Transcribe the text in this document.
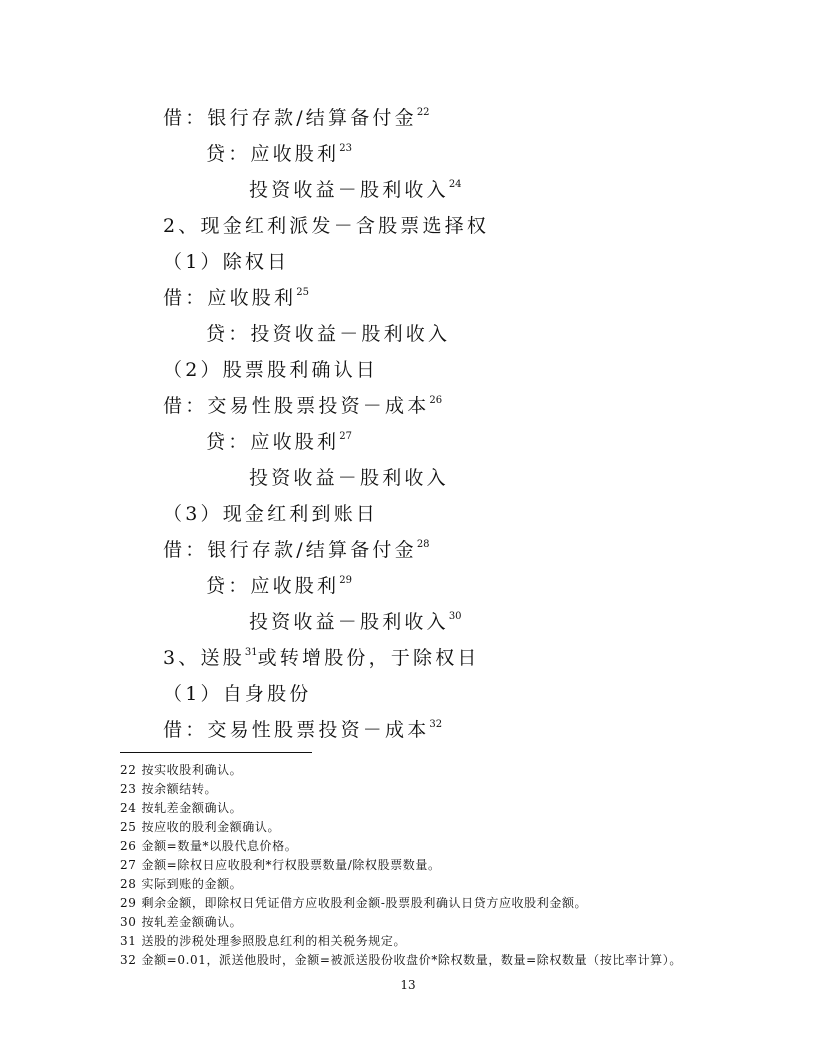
借：银行存款/结算备付金$^{22}$
贷：应收股利$^{23}$
投资收益－股利收入$^{24}$
2、现金红利派发－含股票选择权
（1）除权日
借：应收股利$^{25}$
贷：投资收益－股利收入
（2）股票股利确认日
借：交易性股票投资－成本$^{26}$
贷：应收股利$^{27}$
投资收益－股利收入
（3）现金红利到账日
借：银行存款/结算备付金$^{28}$
贷：应收股利$^{29}$
投资收益－股利收入$^{30}$
3、送股$^{31}$或转增股份，于除权日
（1）自身股份
借：交易性股票投资－成本$^{32}$
22 按实收股利确认。
23 按余额结转。
24 按轧差金额确认。
25 按应收的股利金额确认。
26 金额=数量*以股代息价格。
27 金额=除权日应收股利*行权股票数量/除权股票数量。
28 实际到账的金额。
29 剩余金额，即除权日凭证借方应收股利金额-股票股利确认日贷方应收股利金额。
30 按轧差金额确认。
31 送股的涉税处理参照股息红利的相关税务规定。
32 金额=0.01，派送他股时，金额=被派送股份收盘价*除权数量，数量=除权数量（按比率计算）。
13
